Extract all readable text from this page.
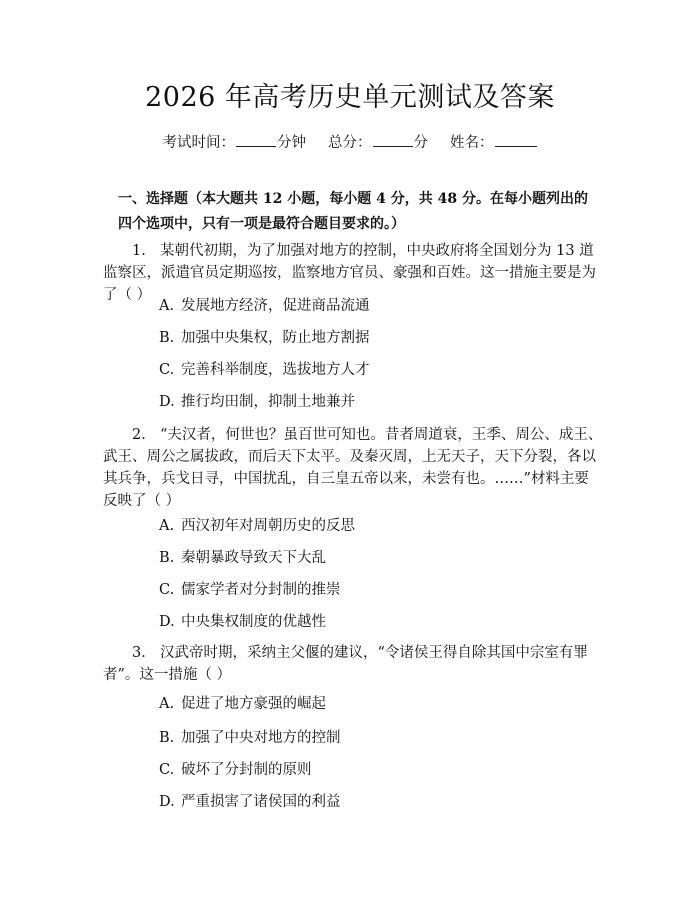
2026 年高考历史单元测试及答案
考试时间：	分钟 总分：	分 姓名：
一、选择题（本大题共 12 小题，每小题 4 分，共 48 分。在每小题列出的四个选项中，只有一项是最符合题目要求的。）
1. 某朝代初期，为了加强对地方的控制，中央政府将全国划分为 13 道监察区，派遣官员定期巡按，监察地方官员、豪强和百姓。这一措施主要是为了（ ）
A. 发展地方经济，促进商品流通
B. 加强中央集权，防止地方割据
C. 完善科举制度，选拔地方人才
D. 推行均田制，抑制土地兼并
2. “夫汉者，何世也？虽百世可知也。昔者周道衰，王季、周公、成王、武王、周公之属拔政，而后天下太平。及秦灭周，上无天子，天下分裂，各以其兵争，兵戈日寻，中国扰乱，自三皇五帝以来，未尝有也。……”材料主要反映了（ ）
A. 西汉初年对周朝历史的反思
B. 秦朝暴政导致天下大乱
C. 儒家学者对分封制的推崇
D. 中央集权制度的优越性
3. 汉武帝时期，采纳主父偃的建议，“令诸侯王得自除其国中宗室有罪者”。这一措施（ ）
A. 促进了地方豪强的崛起
B. 加强了中央对地方的控制
C. 破坏了分封制的原则
D. 严重损害了诸侯国的利益
